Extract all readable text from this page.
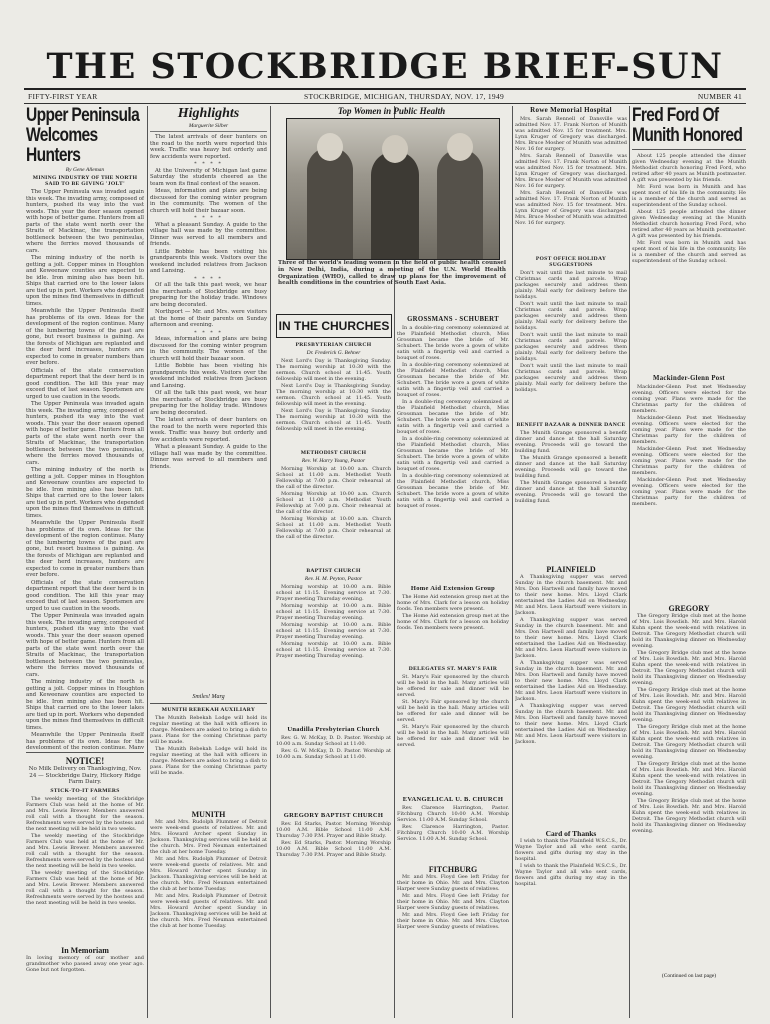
THE STOCKBRIDGE BRIEF-SUN
FIFTY-FIRST YEAR	STOCKBRIDGE, MICHIGAN, THURSDAY, NOV. 17, 1949	NUMBER 41
Upper Peninsula Welcomes Hunters
By Gene Alleman
MINING INDUSTRY OF THE NORTH SAID TO BE GIVING 'JOLT'

The Upper Peninsula was invaded again this week. The invading army, composed of hunters, pushed its way into the vast woods. This year the deer season opened with hope of better game. Hunters from all parts of the state went north over the Straits of Mackinac, the transportation bottleneck between the two peninsulas, where the ferries moved thousands of cars.

The mining industry of the north is getting a jolt. Copper mines in Houghton and Keweenaw counties are expected to be idle. Iron mining also has been hit. Ships that carried ore to the lower lakes are tied up in port. Workers who depended upon the mines find themselves in difficult times.

Meanwhile the Upper Peninsula itself has problems of its own. Ideas for the development of the region continue. Many of the lumbering towns of the past are gone, but resort business is gaining. As the forests of Michigan are replanted and the deer herd increases, hunters are expected to come in greater numbers than ever before.

Officials of the state conservation department report that the deer herd is in good condition. The kill this year may exceed that of last season. Sportsmen are urged to use caution in the woods.

The Upper Peninsula was invaded again this week. The invading army, composed of hunters, pushed its way into the vast woods. This year the deer season opened with hope of better game. Hunters from all parts of the state went north over the Straits of Mackinac, the transportation bottleneck between the two peninsulas, where the ferries moved thousands of cars.

The mining industry of the north is getting a jolt. Copper mines in Houghton and Keweenaw counties are expected to be idle. Iron mining also has been hit. Ships that carried ore to the lower lakes are tied up in port. Workers who depended upon the mines find themselves in difficult times.

Meanwhile the Upper Peninsula itself has problems of its own. Ideas for the development of the region continue. Many of the lumbering towns of the past are gone, but resort business is gaining. As the forests of Michigan are replanted and the deer herd increases, hunters are expected to come in greater numbers than ever before.

Officials of the state conservation department report that the deer herd is in good condition. The kill this year may exceed that of last season. Sportsmen are urged to use caution in the woods.

The Upper Peninsula was invaded again this week. The invading army, composed of hunters, pushed its way into the vast woods. This year the deer season opened with hope of better game. Hunters from all parts of the state went north over the Straits of Mackinac, the transportation bottleneck between the two peninsulas, where the ferries moved thousands of cars.

The mining industry of the north is getting a jolt. Copper mines in Houghton and Keweenaw counties are expected to be idle. Iron mining also has been hit. Ships that carried ore to the lower lakes are tied up in port. Workers who depended upon the mines find themselves in difficult times.

Meanwhile the Upper Peninsula itself has problems of its own. Ideas for the development of the region continue. Many

NOTICE!
No Milk Delivery on Thanksgiving, Nov. 24 — Stockbridge Dairy, Hickory Ridge Farm Dairy.
STICK-TO-IT FARMERS

The weekly meeting of the Stockbridge Farmers Club was held at the home of Mr. and Mrs. Lewis Brewer. Members answered roll call with a thought for the season. Refreshments were served by the hostess and the next meeting will be held in two weeks.

The weekly meeting of the Stockbridge Farmers Club was held at the home of Mr. and Mrs. Lewis Brewer. Members answered roll call with a thought for the season. Refreshments were served by the hostess and the next meeting will be held in two weeks.

The weekly meeting of the Stockbridge Farmers Club was held at the home of Mr. and Mrs. Lewis Brewer. Members answered roll call with a thought for the season. Refreshments were served by the hostess and the next meeting will be held in two weeks.

In Memoriam
In loving memory of our mother and grandmother who passed away one year ago. Gone but not forgotten.
Highlights
Marguerite Silber

The latest arrivals of deer hunters on the road to the north were reported this week. Traffic was heavy but orderly and few accidents were reported.

* * * *

At the University of Michigan last game Saturday the students cheered as the team won its final contest of the season.

Ideas, information and plans are being discussed for the coming winter program in the community. The women of the church will hold their bazaar soon.

* * * *

What a pleasant Sunday. A guide to the village hall was made by the committee. Dinner was served to all members and friends.

Little Bobbie has been visiting his grandparents this week. Visitors over the weekend included relatives from Jackson and Lansing.

* * * *

Of all the talk this past week, we hear the merchants of Stockbridge are busy preparing for the holiday trade. Windows are being decorated.

Northport — Mr. and Mrs. were visitors at the home of their parents on Sunday afternoon and evening.

* * * *

Ideas, information and plans are being discussed for the coming winter program in the community. The women of the church will hold their bazaar soon.

Little Bobbie has been visiting his grandparents this week. Visitors over the weekend included relatives from Jackson and Lansing.

Of all the talk this past week, we hear the merchants of Stockbridge are busy preparing for the holiday trade. Windows are being decorated.

The latest arrivals of deer hunters on the road to the north were reported this week. Traffic was heavy but orderly and few accidents were reported.

What a pleasant Sunday. A guide to the village hall was made by the committee. Dinner was served to all members and friends.

Smiles! Marg
MUNITH REBEKAH AUXILIARY

The Munith Rebekah Lodge will hold its regular meeting at the hall with officers in charge. Members are asked to bring a dish to pass. Plans for the coming Christmas party will be made.

The Munith Rebekah Lodge will hold its regular meeting at the hall with officers in charge. Members are asked to bring a dish to pass. Plans for the coming Christmas party will be made.

MUNITH

Mr. and Mrs. Rudolph Plummer of Detroit were week-end guests of relatives. Mr. and Mrs. Howard Archer spent Sunday in Jackson. Thanksgiving services will be held at the church. Mrs. Fred Neuman entertained the club at her home Tuesday.

Mr. and Mrs. Rudolph Plummer of Detroit were week-end guests of relatives. Mr. and Mrs. Howard Archer spent Sunday in Jackson. Thanksgiving services will be held at the church. Mrs. Fred Neuman entertained the club at her home Tuesday.

Mr. and Mrs. Rudolph Plummer of Detroit were week-end guests of relatives. Mr. and Mrs. Howard Archer spent Sunday in Jackson. Thanksgiving services will be held at the church. Mrs. Fred Neuman entertained the club at her home Tuesday.

Top Women in Public Health
Three of the world's leading women in the field of public health counsel in New Delhi, India, during a meeting of the U.N. World Health Organization (WHO), called to draw up plans for the improvement of health conditions in the countries of South East Asia.
IN THE CHURCHES
PRESBYTERIAN CHURCH
Dr. Frederick G. Behner

Next Lord's Day is Thanksgiving Sunday. The morning worship at 10:30 with the sermon. Church school at 11:45. Youth fellowship will meet in the evening.

Next Lord's Day is Thanksgiving Sunday. The morning worship at 10:30 with the sermon. Church school at 11:45. Youth fellowship will meet in the evening.

Next Lord's Day is Thanksgiving Sunday. The morning worship at 10:30 with the sermon. Church school at 11:45. Youth fellowship will meet in the evening.

METHODIST CHURCH
Rev. W. Harry Young, Pastor

Morning Worship at 10:00 a.m. Church School at 11:00 a.m. Methodist Youth Fellowship at 7:00 p.m. Choir rehearsal at the call of the director.

Morning Worship at 10:00 a.m. Church School at 11:00 a.m. Methodist Youth Fellowship at 7:00 p.m. Choir rehearsal at the call of the director.

Morning Worship at 10:00 a.m. Church School at 11:00 a.m. Methodist Youth Fellowship at 7:00 p.m. Choir rehearsal at the call of the director.

BAPTIST CHURCH
Rev. H. M. Peyton, Pastor

Morning worship at 10:00 a.m. Bible school at 11:15. Evening service at 7:30. Prayer meeting Thursday evening.

Morning worship at 10:00 a.m. Bible school at 11:15. Evening service at 7:30. Prayer meeting Thursday evening.

Morning worship at 10:00 a.m. Bible school at 11:15. Evening service at 7:30. Prayer meeting Thursday evening.

Morning worship at 10:00 a.m. Bible school at 11:15. Evening service at 7:30. Prayer meeting Thursday evening.

Unadilla Presbyterian Church

Rev. G. W. McKay, D. D. Pastor. Worship at 10:00 a.m. Sunday School at 11:00.

Rev. G. W. McKay, D. D. Pastor. Worship at 10:00 a.m. Sunday School at 11:00.

GREGORY BAPTIST CHURCH

Rev. Ed Starks, Pastor. Morning Worship 10:00 A.M. Bible School 11:00 A.M. Thursday 7:30 P.M. Prayer and Bible Study.

Rev. Ed Starks, Pastor. Morning Worship 10:00 A.M. Bible School 11:00 A.M. Thursday 7:30 P.M. Prayer and Bible Study.

GROSSMANS - SCHUBERT

In a double-ring ceremony solemnized at the Plainfield Methodist church, Miss Grossman became the bride of Mr. Schubert. The bride wore a gown of white satin with a fingertip veil and carried a bouquet of roses.

In a double-ring ceremony solemnized at the Plainfield Methodist church, Miss Grossman became the bride of Mr. Schubert. The bride wore a gown of white satin with a fingertip veil and carried a bouquet of roses.

In a double-ring ceremony solemnized at the Plainfield Methodist church, Miss Grossman became the bride of Mr. Schubert. The bride wore a gown of white satin with a fingertip veil and carried a bouquet of roses.

In a double-ring ceremony solemnized at the Plainfield Methodist church, Miss Grossman became the bride of Mr. Schubert. The bride wore a gown of white satin with a fingertip veil and carried a bouquet of roses.

In a double-ring ceremony solemnized at the Plainfield Methodist church, Miss Grossman became the bride of Mr. Schubert. The bride wore a gown of white satin with a fingertip veil and carried a bouquet of roses.

Home Aid Extension Group

The Home Aid extension group met at the home of Mrs. Clark for a lesson on holiday foods. Ten members were present.

The Home Aid extension group met at the home of Mrs. Clark for a lesson on holiday foods. Ten members were present.

DELEGATES ST. MARY'S FAIR

St. Mary's Fair sponsored by the church will be held in the hall. Many articles will be offered for sale and dinner will be served.

St. Mary's Fair sponsored by the church will be held in the hall. Many articles will be offered for sale and dinner will be served.

St. Mary's Fair sponsored by the church will be held in the hall. Many articles will be offered for sale and dinner will be served.

EVANGELICAL U. B. CHURCH

Rev. Clarence Harrington, Pastor. Fitchburg Church 10:00 A.M. Worship Service. 11:00 A.M. Sunday School.

Rev. Clarence Harrington, Pastor. Fitchburg Church 10:00 A.M. Worship Service. 11:00 A.M. Sunday School.

FITCHBURG

Mr. and Mrs. Floyd Gee left Friday for their home in Ohio. Mr. and Mrs. Clayton Harper were Sunday guests of relatives.

Mr. and Mrs. Floyd Gee left Friday for their home in Ohio. Mr. and Mrs. Clayton Harper were Sunday guests of relatives.

Mr. and Mrs. Floyd Gee left Friday for their home in Ohio. Mr. and Mrs. Clayton Harper were Sunday guests of relatives.

Rowe Memorial Hospital

Mrs. Sarah Rennell of Dansville was admitted Nov. 17. Frank Norton of Munith was admitted Nov. 15 for treatment. Mrs. Lynn Kruger of Gregory was discharged. Mrs. Bruce Mosher of Munith was admitted Nov. 16 for surgery.

Mrs. Sarah Rennell of Dansville was admitted Nov. 17. Frank Norton of Munith was admitted Nov. 15 for treatment. Mrs. Lynn Kruger of Gregory was discharged. Mrs. Bruce Mosher of Munith was admitted Nov. 16 for surgery.

Mrs. Sarah Rennell of Dansville was admitted Nov. 17. Frank Norton of Munith was admitted Nov. 15 for treatment. Mrs. Lynn Kruger of Gregory was discharged. Mrs. Bruce Mosher of Munith was admitted Nov. 16 for surgery.

POST OFFICE HOLIDAY SUGGESTIONS

Don't wait until the last minute to mail Christmas cards and parcels. Wrap packages securely and address them plainly. Mail early for delivery before the holidays.

Don't wait until the last minute to mail Christmas cards and parcels. Wrap packages securely and address them plainly. Mail early for delivery before the holidays.

Don't wait until the last minute to mail Christmas cards and parcels. Wrap packages securely and address them plainly. Mail early for delivery before the holidays.

Don't wait until the last minute to mail Christmas cards and parcels. Wrap packages securely and address them plainly. Mail early for delivery before the holidays.

BENEFIT BAZAAR & DINNER DANCE

The Munith Grange sponsored a benefit dinner and dance at the hall Saturday evening. Proceeds will go toward the building fund.

The Munith Grange sponsored a benefit dinner and dance at the hall Saturday evening. Proceeds will go toward the building fund.

The Munith Grange sponsored a benefit dinner and dance at the hall Saturday evening. Proceeds will go toward the building fund.

PLAINFIELD

A Thanksgiving supper was served Sunday in the church basement. Mr. and Mrs. Don Hartwell and family have moved to their new home. Mrs. Lloyd Clark entertained the Ladies Aid on Wednesday. Mr. and Mrs. Leon Hartsuff were visitors in Jackson.

A Thanksgiving supper was served Sunday in the church basement. Mr. and Mrs. Don Hartwell and family have moved to their new home. Mrs. Lloyd Clark entertained the Ladies Aid on Wednesday. Mr. and Mrs. Leon Hartsuff were visitors in Jackson.

A Thanksgiving supper was served Sunday in the church basement. Mr. and Mrs. Don Hartwell and family have moved to their new home. Mrs. Lloyd Clark entertained the Ladies Aid on Wednesday. Mr. and Mrs. Leon Hartsuff were visitors in Jackson.

A Thanksgiving supper was served Sunday in the church basement. Mr. and Mrs. Don Hartwell and family have moved to their new home. Mrs. Lloyd Clark entertained the Ladies Aid on Wednesday. Mr. and Mrs. Leon Hartsuff were visitors in Jackson.

Card of Thanks

I wish to thank the Plainfield W.S.C.S., Dr. Wayne Taylor and all who sent cards, flowers and gifts during my stay in the hospital.

I wish to thank the Plainfield W.S.C.S., Dr. Wayne Taylor and all who sent cards, flowers and gifts during my stay in the hospital.

Fred Ford Of Munith Honored

About 125 people attended the dinner given Wednesday evening at the Munith Methodist church honoring Fred Ford, who retired after 40 years as Munith postmaster. A gift was presented by his friends.

Mr. Ford was born in Munith and has spent most of his life in the community. He is a member of the church and served as superintendent of the Sunday school.

About 125 people attended the dinner given Wednesday evening at the Munith Methodist church honoring Fred Ford, who retired after 40 years as Munith postmaster. A gift was presented by his friends.

Mr. Ford was born in Munith and has spent most of his life in the community. He is a member of the church and served as superintendent of the Sunday school.

Mackinder-Glenn Post

Mackinder-Glenn Post met Wednesday evening. Officers were elected for the coming year. Plans were made for the Christmas party for the children of members.

Mackinder-Glenn Post met Wednesday evening. Officers were elected for the coming year. Plans were made for the Christmas party for the children of members.

Mackinder-Glenn Post met Wednesday evening. Officers were elected for the coming year. Plans were made for the Christmas party for the children of members.

Mackinder-Glenn Post met Wednesday evening. Officers were elected for the coming year. Plans were made for the Christmas party for the children of members.

GREGORY

The Gregory Bridge club met at the home of Mrs. Lois Bowdish. Mr. and Mrs. Harold Kuhn spent the week-end with relatives in Detroit. The Gregory Methodist church will hold its Thanksgiving dinner on Wednesday evening.

The Gregory Bridge club met at the home of Mrs. Lois Bowdish. Mr. and Mrs. Harold Kuhn spent the week-end with relatives in Detroit. The Gregory Methodist church will hold its Thanksgiving dinner on Wednesday evening.

The Gregory Bridge club met at the home of Mrs. Lois Bowdish. Mr. and Mrs. Harold Kuhn spent the week-end with relatives in Detroit. The Gregory Methodist church will hold its Thanksgiving dinner on Wednesday evening.

The Gregory Bridge club met at the home of Mrs. Lois Bowdish. Mr. and Mrs. Harold Kuhn spent the week-end with relatives in Detroit. The Gregory Methodist church will hold its Thanksgiving dinner on Wednesday evening.

The Gregory Bridge club met at the home of Mrs. Lois Bowdish. Mr. and Mrs. Harold Kuhn spent the week-end with relatives in Detroit. The Gregory Methodist church will hold its Thanksgiving dinner on Wednesday evening.

The Gregory Bridge club met at the home of Mrs. Lois Bowdish. Mr. and Mrs. Harold Kuhn spent the week-end with relatives in Detroit. The Gregory Methodist church will hold its Thanksgiving dinner on Wednesday evening.

(Continued on last page)
